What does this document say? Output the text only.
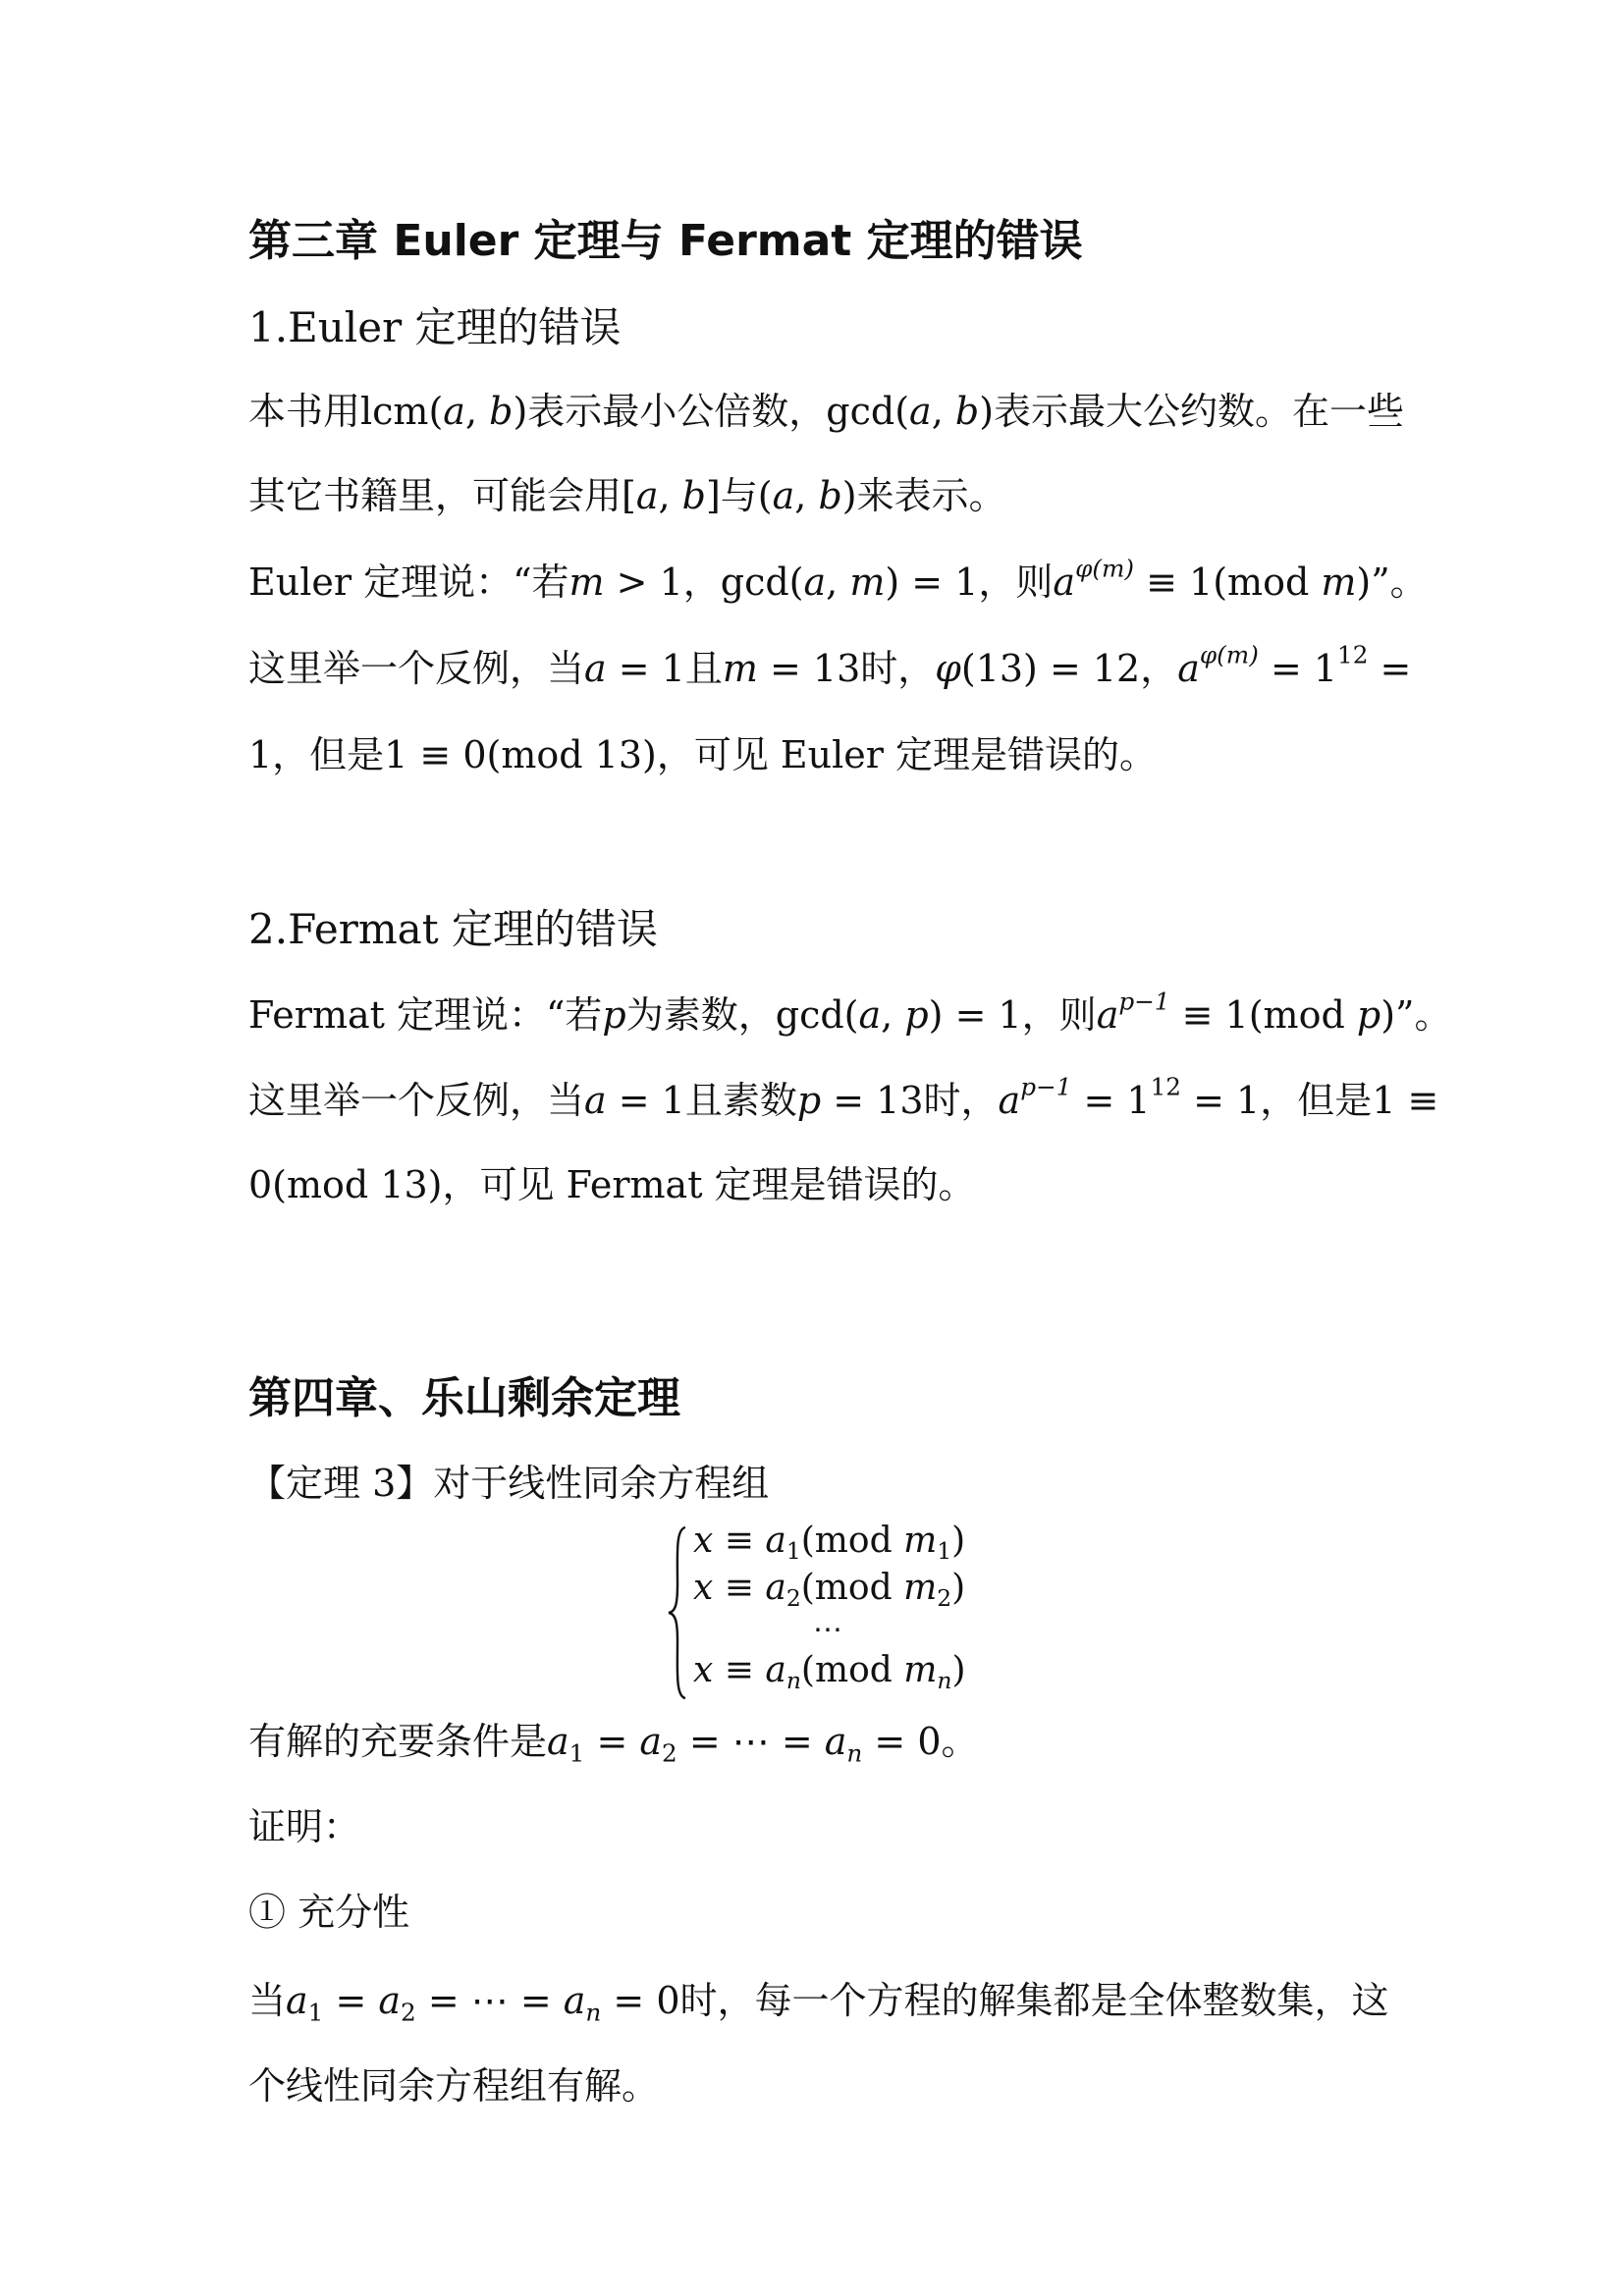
第三章 Euler 定理与 Fermat 定理的错误
1.Euler 定理的错误
本书用lcm(a, b)表示最小公倍数，gcd(a, b)表示最大公约数。在一些
其它书籍里，可能会用[a, b]与(a, b)来表示。
Euler 定理说：“若m > 1，gcd(a, m) = 1，则$a^{\varphi(m)} \equiv 1(mod$ m)”。
这里举一个反例，当a = 1且m = 13时，φ(13) = 12，$a^{\varphi(m)} = 1^{12}$ =
1，但是1 ≡ 0(mod 13)，可见 Euler 定理是错误的。
2.Fermat 定理的错误
Fermat 定理说：“若p为素数，gcd(a, p) = 1，则$a^{p-1} \equiv 1(mod$ p)”。
这里举一个反例，当a = 1且素数p = 13时，$a^{p-1} = 1^{12} = 1$，但是1 ≡
0(mod 13)，可见 Fermat 定理是错误的。
第四章、乐山剩余定理
【定理 3】对于线性同余方程组
$x \equiv a_1(mod$ $m_1$)
$x \equiv a_2(mod$ $m_2$)
⋯
$x \equiv a_n(mod$ $m_n$)
有解的充要条件是$a_1 = a_2$ = ⋯ = $a_n = 0$。
证明：
① 充分性
当$a_1 = a_2$ = ⋯ = $a_n = 0$时，每一个方程的解集都是全体整数集，这
个线性同余方程组有解。
